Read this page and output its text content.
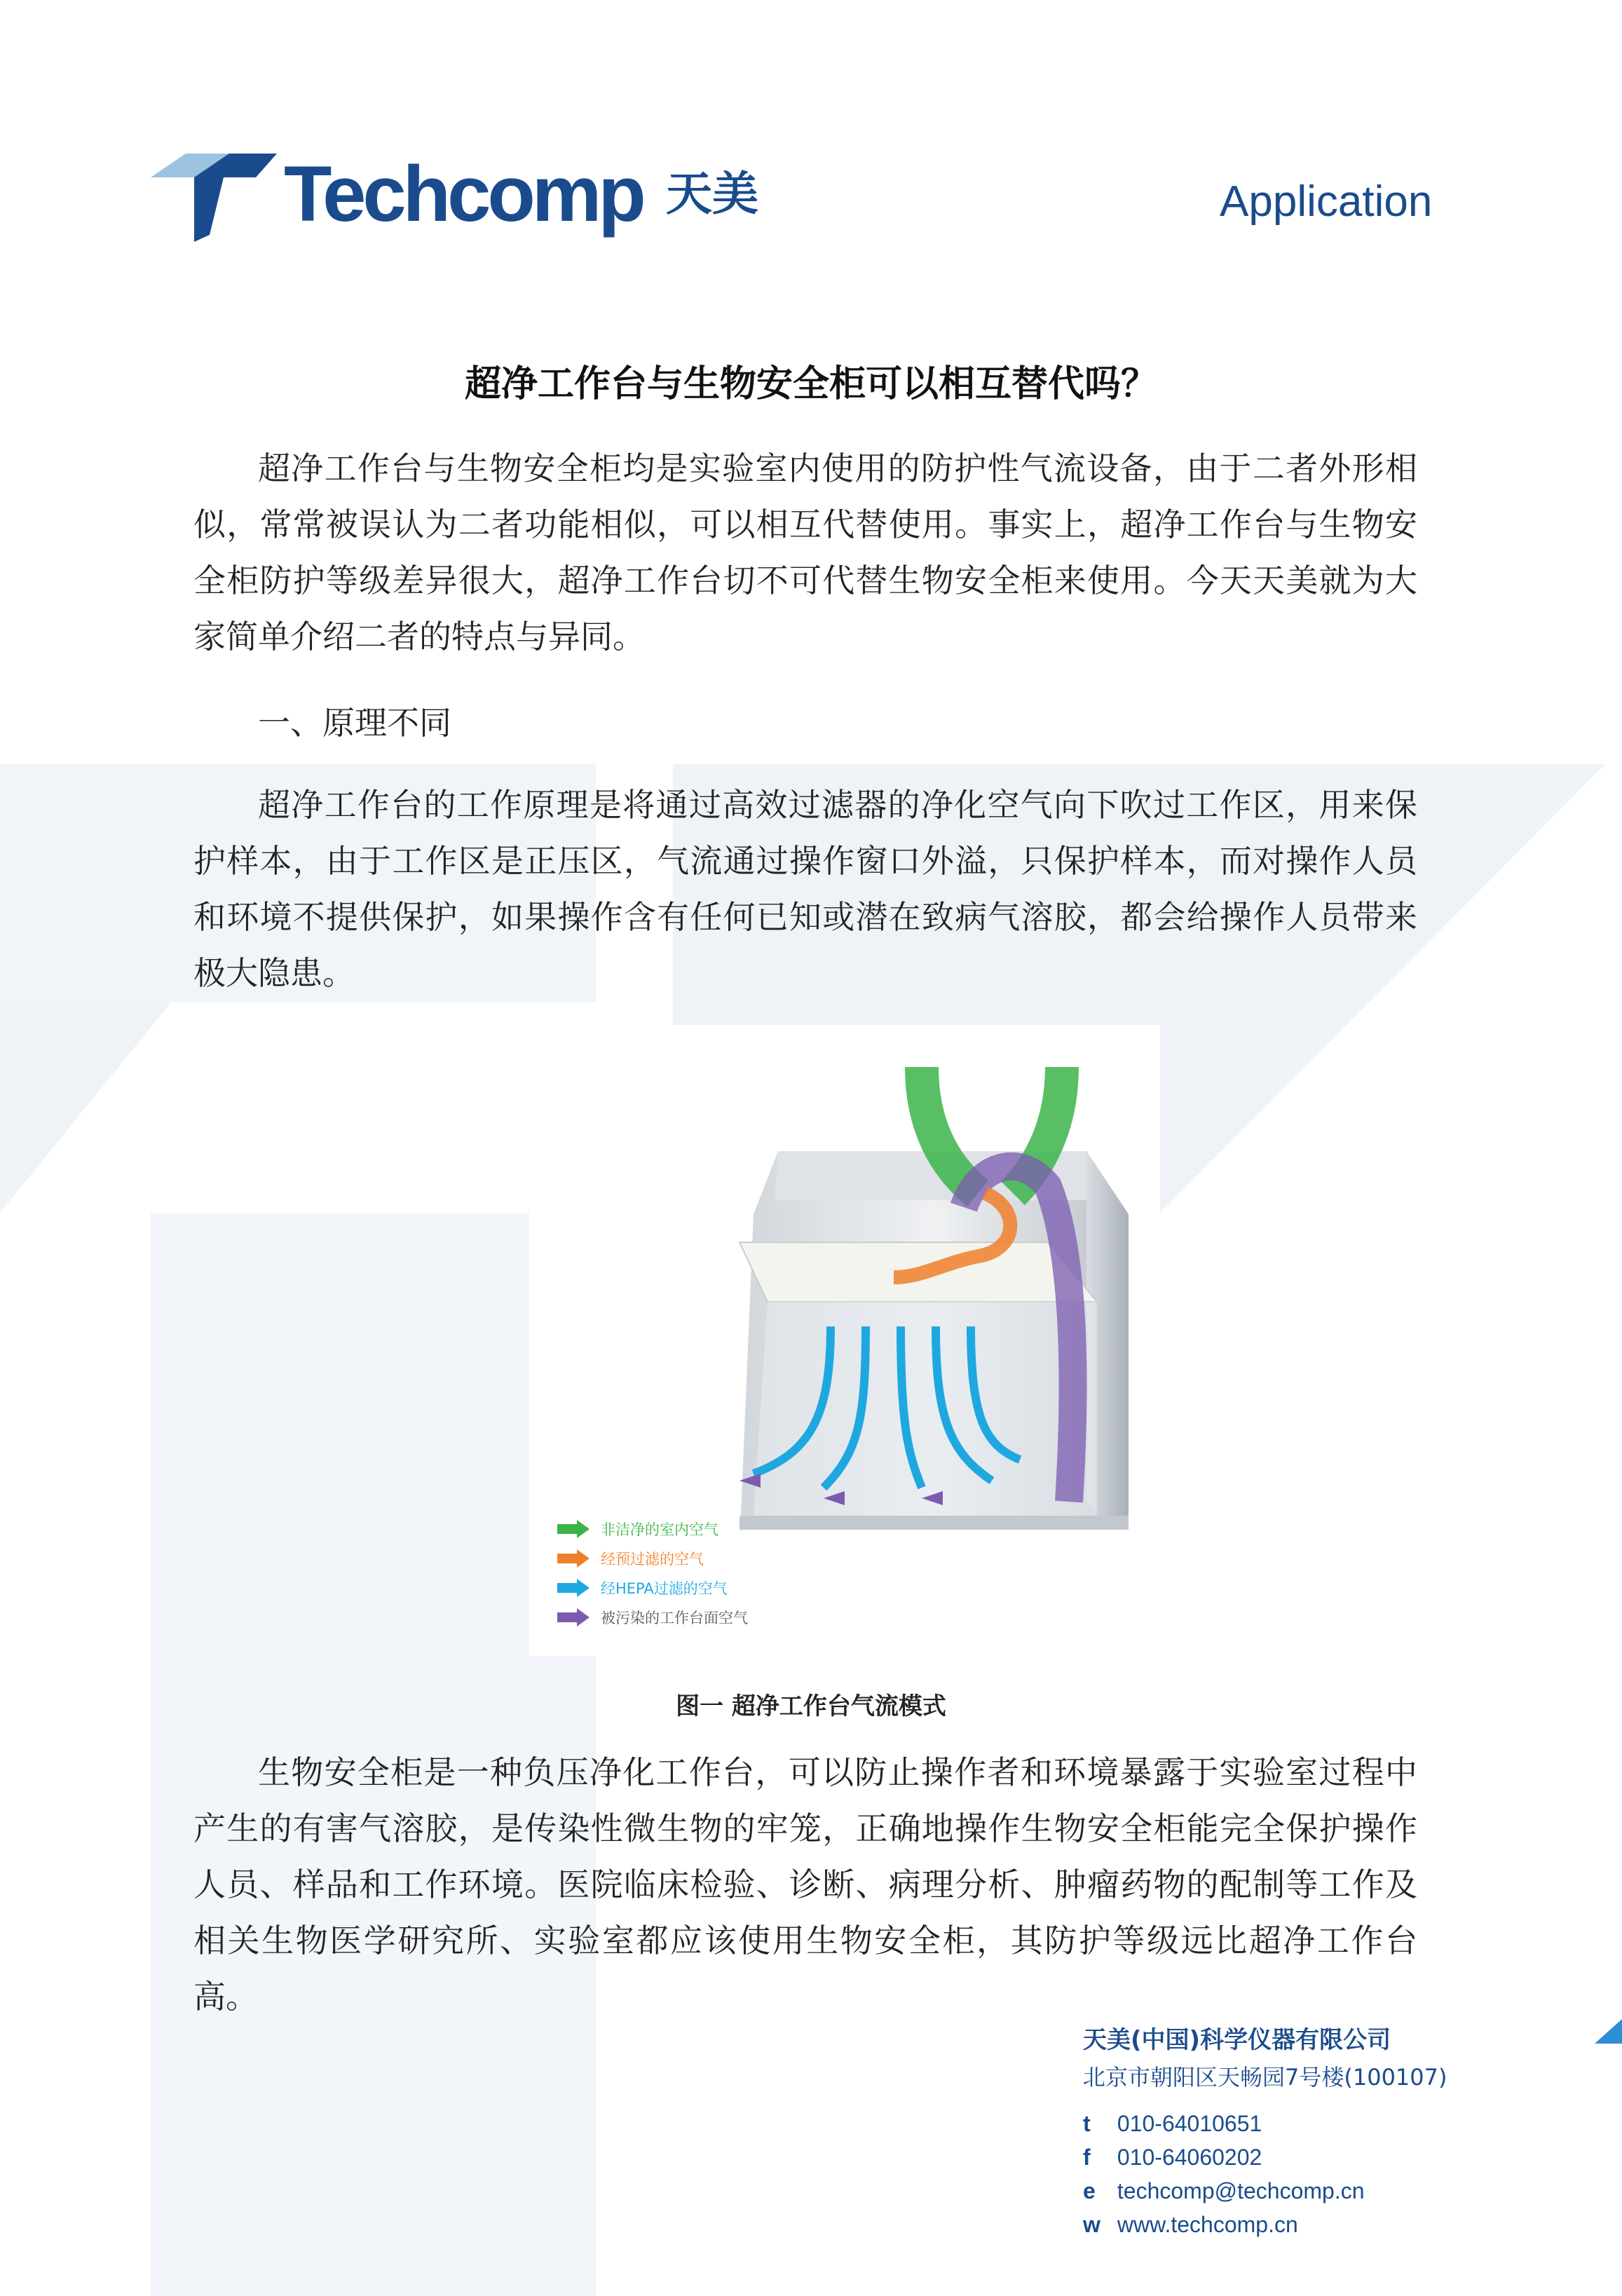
Techcomp 天美	Application
超净工作台与生物安全柜可以相互替代吗？
超净工作台与生物安全柜均是实验室内使用的防护性气流设备，由于二者外形相似，常常被误认为二者功能相似，可以相互代替使用。事实上，超净工作台与生物安全柜防护等级差异很大，超净工作台切不可代替生物安全柜来使用。今天天美就为大家简单介绍二者的特点与异同。
一、原理不同
超净工作台的工作原理是将通过高效过滤器的净化空气向下吹过工作区，用来保护样本，由于工作区是正压区，气流通过操作窗口外溢，只保护样本，而对操作人员和环境不提供保护，如果操作含有任何已知或潜在致病气溶胶，都会给操作人员带来极大隐患。
非洁净的室内空气
经预过滤的空气
经HEPA过滤的空气
被污染的工作台面空气
图一 超净工作台气流模式
生物安全柜是一种负压净化工作台，可以防止操作者和环境暴露于实验室过程中产生的有害气溶胶，是传染性微生物的牢笼，正确地操作生物安全柜能完全保护操作人员、样品和工作环境。医院临床检验、诊断、病理分析、肿瘤药物的配制等工作及相关生物医学研究所、实验室都应该使用生物安全柜，其防护等级远比超净工作台高。
天美(中国)科学仪器有限公司
北京市朝阳区天畅园7号楼(100107)
t 010-64010651
f 010-64060202
e techcomp@techcomp.cn
w www.techcomp.cn
